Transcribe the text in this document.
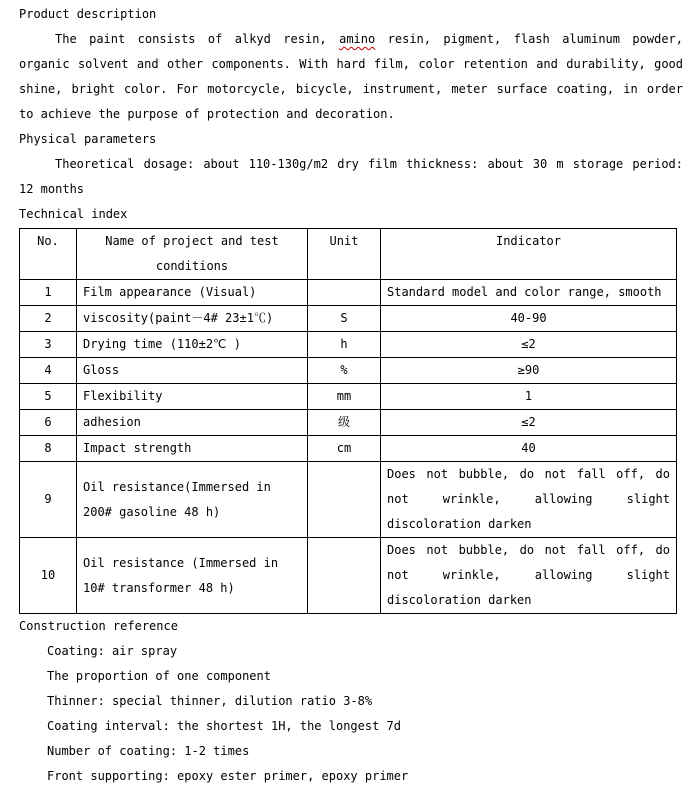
Product description

The paint consists of alkyd resin, amino resin, pigment, flash aluminum powder, organic solvent and other components. With hard film, color retention and durability, good shine, bright color. For motorcycle, bicycle, instrument, meter surface coating, in order to achieve the purpose of protection and decoration.

Physical parameters

Theoretical dosage: about 110-130g/m2 dry film thickness: about 30 m storage period: 12 months

Technical index

No.	Name of project and test conditions	Unit	Indicator
1	Film appearance (Visual)		Standard model and color range, smooth
2	viscosity(paint－4# 23±1℃)	S	40-90
3	Drying time (110±2℃ )	h	≤2
4	Gloss	%	≥90
5	Flexibility	mm	1
6	adhesion	级	≤2
8	Impact strength	cm	40
9	Oil resistance(Immersed in 200# gasoline 48 h)		Does not bubble, do not fall off, do not wrinkle, allowing slight discoloration darken
10	Oil resistance (Immersed in 10# transformer 48 h)		Does not bubble, do not fall off, do not wrinkle, allowing slight discoloration darken

Construction reference

Coating: air spray

The proportion of one component

Thinner: special thinner, dilution ratio 3-8%

Coating interval: the shortest 1H, the longest 7d

Number of coating: 1-2 times

Front supporting: epoxy ester primer, epoxy primer
